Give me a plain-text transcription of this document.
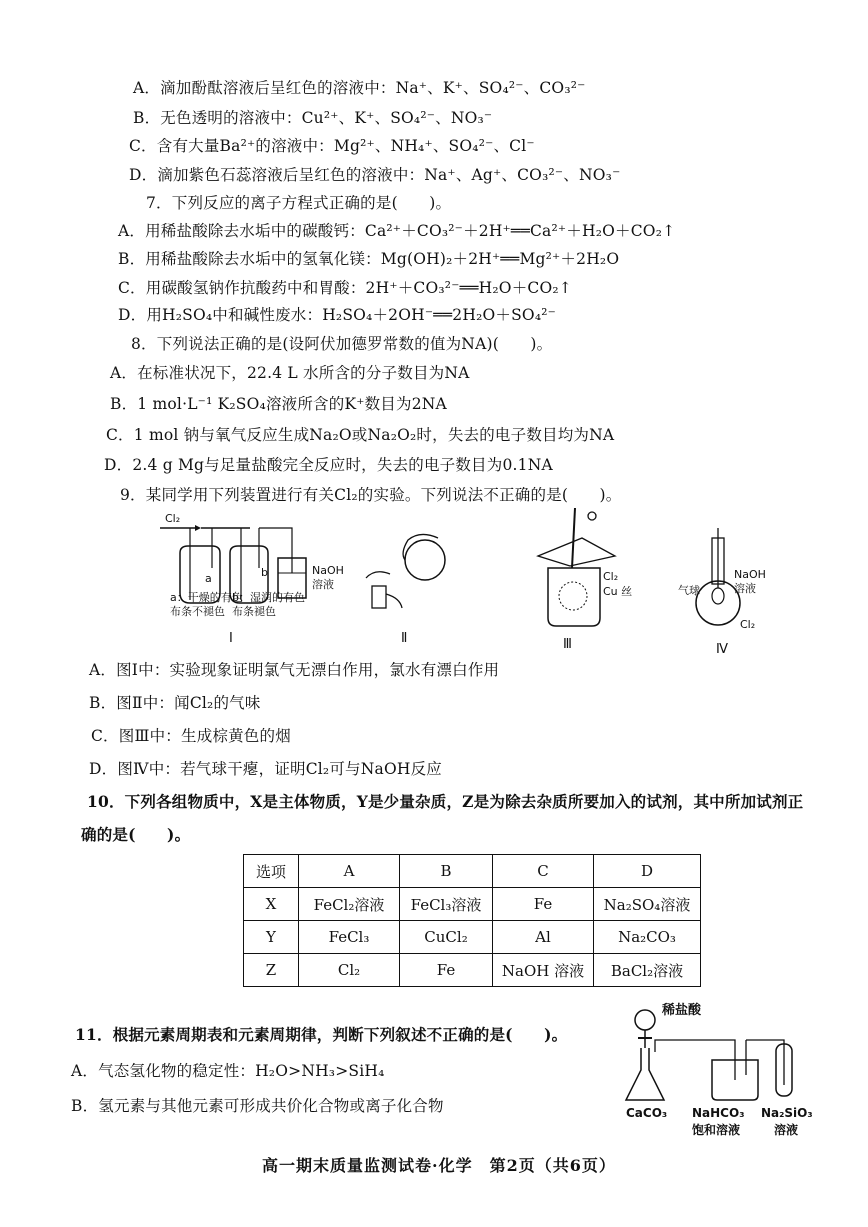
A．滴加酚酞溶液后呈红色的溶液中：Na⁺、K⁺、SO₄²⁻、CO₃²⁻
B．无色透明的溶液中：Cu²⁺、K⁺、SO₄²⁻、NO₃⁻
C．含有大量Ba²⁺的溶液中：Mg²⁺、NH₄⁺、SO₄²⁻、Cl⁻
D．滴加紫色石蕊溶液后呈红色的溶液中：Na⁺、Ag⁺、CO₃²⁻、NO₃⁻
7．下列反应的离子方程式正确的是(　　)。
A．用稀盐酸除去水垢中的碳酸钙：Ca²⁺＋CO₃²⁻＋2H⁺══Ca²⁺＋H₂O＋CO₂↑
B．用稀盐酸除去水垢中的氢氧化镁：Mg(OH)₂＋2H⁺══Mg²⁺＋2H₂O
C．用碳酸氢钠作抗酸药中和胃酸：2H⁺＋CO₃²⁻══H₂O＋CO₂↑
D．用H₂SO₄中和碱性废水：H₂SO₄＋2OH⁻══2H₂O＋SO₄²⁻
8．下列说法正确的是(设阿伏加德罗常数的值为NA)(　　)。
A．在标准状况下，22.4 L 水所含的分子数目为NA
B．1 mol·L⁻¹ K₂SO₄溶液所含的K⁺数目为2NA
C．1 mol 钠与氧气反应生成Na₂O或Na₂O₂时，失去的电子数目均为NA
D．2.4 g Mg与足量盐酸完全反应时，失去的电子数目为0.1NA
9．某同学用下列装置进行有关Cl₂的实验。下列说法不正确的是(　　)。
Cl₂
a	b	NaOH
溶液
a：干燥的有色
布条不褪色
b：湿润的有色
布条褪色
Cl₂
Cu 丝
NaOH
溶液
气球
Cl₂
Ⅰ	Ⅱ	Ⅲ	Ⅳ
A．图Ⅰ中：实验现象证明氯气无漂白作用，氯水有漂白作用
B．图Ⅱ中：闻Cl₂的气味
C．图Ⅲ中：生成棕黄色的烟
D．图Ⅳ中：若气球干瘪，证明Cl₂可与NaOH反应
10．下列各组物质中，X是主体物质，Y是少量杂质，Z是为除去杂质所要加入的试剂，其中所加试剂正
确的是(　　)。
选项	A	B	C	D
X	FeCl₂溶液	FeCl₃溶液	Fe	Na₂SO₄溶液
Y	FeCl₃	CuCl₂	Al	Na₂CO₃
Z	Cl₂	Fe	NaOH 溶液	BaCl₂溶液
11．根据元素周期表和元素周期律，判断下列叙述不正确的是(　　)。
A．气态氢化物的稳定性：H₂O>NH₃>SiH₄
B．氢元素与其他元素可形成共价化合物或离子化合物
稀盐酸
CaCO₃ NaHCO₃
饱和溶液
Na₂SiO₃
溶液
高一期末质量监测试卷·化学　第2页（共6页）
